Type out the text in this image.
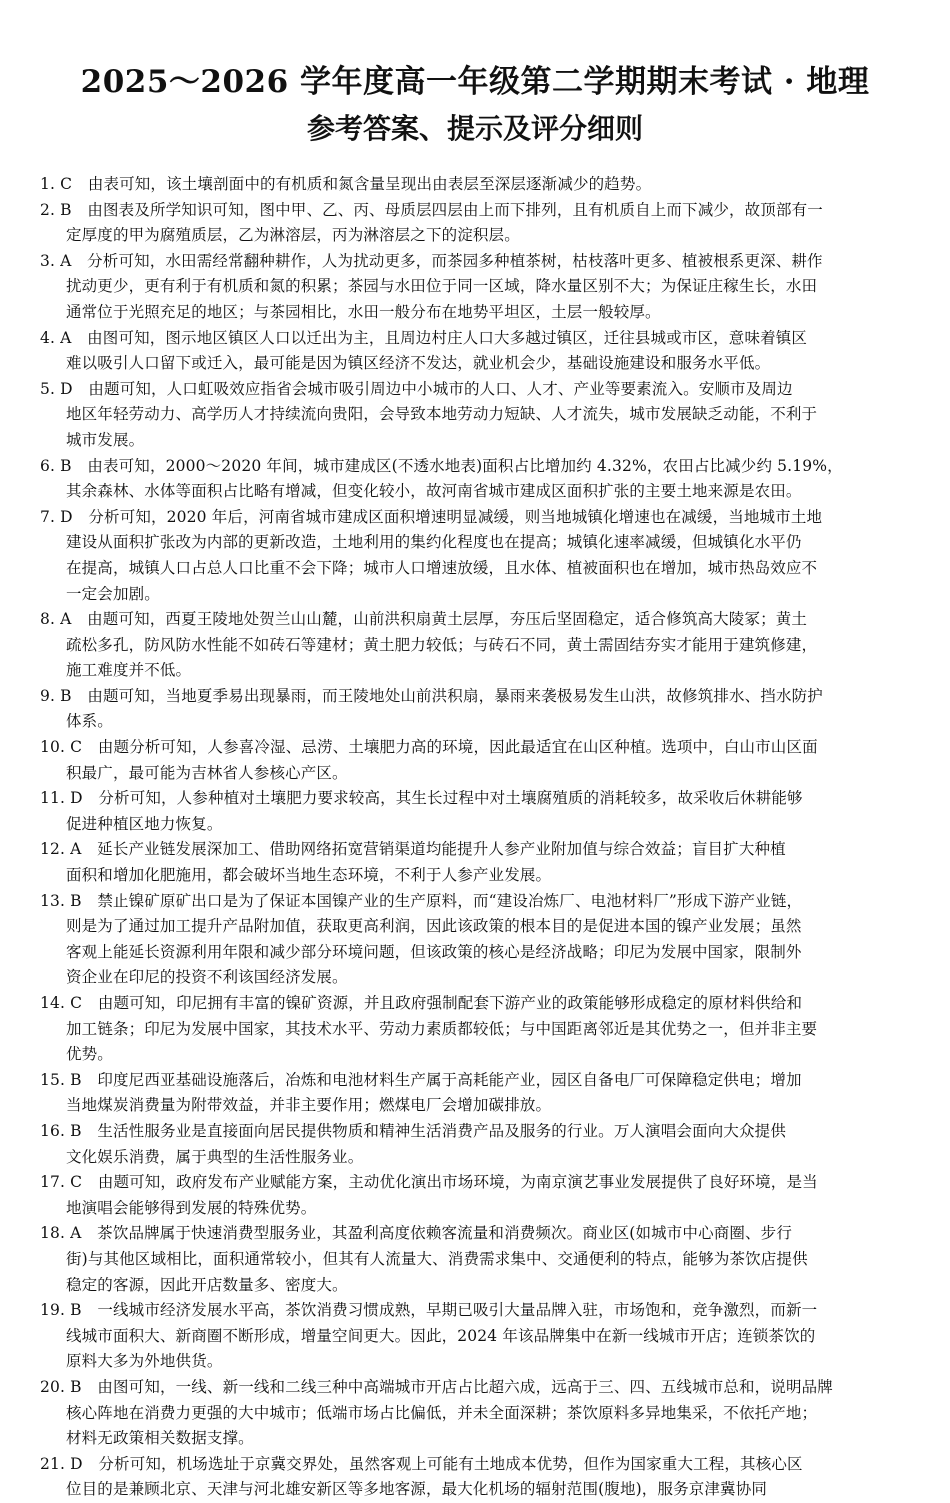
2025～2026 学年度高一年级第二学期期末考试 · 地理
参考答案、提示及评分细则
1. C　由表可知，该土壤剖面中的有机质和氮含量呈现出由表层至深层逐渐减少的趋势。
2. B　由图表及所学知识可知，图中甲、乙、丙、母质层四层由上而下排列，且有机质自上而下减少，故顶部有一
定厚度的甲为腐殖质层，乙为淋溶层，丙为淋溶层之下的淀积层。
3. A　分析可知，水田需经常翻种耕作，人为扰动更多，而茶园多种植茶树，枯枝落叶更多、植被根系更深、耕作
扰动更少，更有利于有机质和氮的积累；茶园与水田位于同一区域，降水量区别不大；为保证庄稼生长，水田
通常位于光照充足的地区；与茶园相比，水田一般分布在地势平坦区，土层一般较厚。
4. A　由图可知，图示地区镇区人口以迁出为主，且周边村庄人口大多越过镇区，迁往县城或市区，意味着镇区
难以吸引人口留下或迁入，最可能是因为镇区经济不发达，就业机会少，基础设施建设和服务水平低。
5. D　由题可知，人口虹吸效应指省会城市吸引周边中小城市的人口、人才、产业等要素流入。安顺市及周边
地区年轻劳动力、高学历人才持续流向贵阳，会导致本地劳动力短缺、人才流失，城市发展缺乏动能，不利于
城市发展。
6. B　由表可知，2000～2020 年间，城市建成区(不透水地表)面积占比增加约 4.32%，农田占比减少约 5.19%，
其余森林、水体等面积占比略有增减，但变化较小，故河南省城市建成区面积扩张的主要土地来源是农田。
7. D　分析可知，2020 年后，河南省城市建成区面积增速明显减缓，则当地城镇化增速也在减缓，当地城市土地
建设从面积扩张改为内部的更新改造，土地利用的集约化程度也在提高；城镇化速率减缓，但城镇化水平仍
在提高，城镇人口占总人口比重不会下降；城市人口增速放缓，且水体、植被面积也在增加，城市热岛效应不
一定会加剧。
8. A　由题可知，西夏王陵地处贺兰山山麓，山前洪积扇黄土层厚，夯压后坚固稳定，适合修筑高大陵冢；黄土
疏松多孔，防风防水性能不如砖石等建材；黄土肥力较低；与砖石不同，黄土需固结夯实才能用于建筑修建，
施工难度并不低。
9. B　由题可知，当地夏季易出现暴雨，而王陵地处山前洪积扇，暴雨来袭极易发生山洪，故修筑排水、挡水防护
体系。
10. C　由题分析可知，人参喜冷湿、忌涝、土壤肥力高的环境，因此最适宜在山区种植。选项中，白山市山区面
积最广，最可能为吉林省人参核心产区。
11. D　分析可知，人参种植对土壤肥力要求较高，其生长过程中对土壤腐殖质的消耗较多，故采收后休耕能够
促进种植区地力恢复。
12. A　延长产业链发展深加工、借助网络拓宽营销渠道均能提升人参产业附加值与综合效益；盲目扩大种植
面积和增加化肥施用，都会破坏当地生态环境，不利于人参产业发展。
13. B　禁止镍矿原矿出口是为了保证本国镍产业的生产原料，而“建设冶炼厂、电池材料厂”形成下游产业链，
则是为了通过加工提升产品附加值，获取更高利润，因此该政策的根本目的是促进本国的镍产业发展；虽然
客观上能延长资源利用年限和减少部分环境问题，但该政策的核心是经济战略；印尼为发展中国家，限制外
资企业在印尼的投资不利该国经济发展。
14. C　由题可知，印尼拥有丰富的镍矿资源，并且政府强制配套下游产业的政策能够形成稳定的原材料供给和
加工链条；印尼为发展中国家，其技术水平、劳动力素质都较低；与中国距离邻近是其优势之一，但并非主要
优势。
15. B　印度尼西亚基础设施落后，冶炼和电池材料生产属于高耗能产业，园区自备电厂可保障稳定供电；增加
当地煤炭消费量为附带效益，并非主要作用；燃煤电厂会增加碳排放。
16. B　生活性服务业是直接面向居民提供物质和精神生活消费产品及服务的行业。万人演唱会面向大众提供
文化娱乐消费，属于典型的生活性服务业。
17. C　由题可知，政府发布产业赋能方案，主动优化演出市场环境，为南京演艺事业发展提供了良好环境，是当
地演唱会能够得到发展的特殊优势。
18. A　茶饮品牌属于快速消费型服务业，其盈利高度依赖客流量和消费频次。商业区(如城市中心商圈、步行
街)与其他区域相比，面积通常较小，但其有人流量大、消费需求集中、交通便利的特点，能够为茶饮店提供
稳定的客源，因此开店数量多、密度大。
19. B　一线城市经济发展水平高，茶饮消费习惯成熟，早期已吸引大量品牌入驻，市场饱和，竞争激烈，而新一
线城市面积大、新商圈不断形成，增量空间更大。因此，2024 年该品牌集中在新一线城市开店；连锁茶饮的
原料大多为外地供货。
20. B　由图可知，一线、新一线和二线三种中高端城市开店占比超六成，远高于三、四、五线城市总和，说明品牌
核心阵地在消费力更强的大中城市；低端市场占比偏低，并未全面深耕；茶饮原料多异地集采，不依托产地；
材料无政策相关数据支撑。
21. D　分析可知，机场选址于京冀交界处，虽然客观上可能有土地成本优势，但作为国家重大工程，其核心区
位目的是兼顾北京、天津与河北雄安新区等多地客源，最大化机场的辐射范围(腹地)，服务京津冀协同
